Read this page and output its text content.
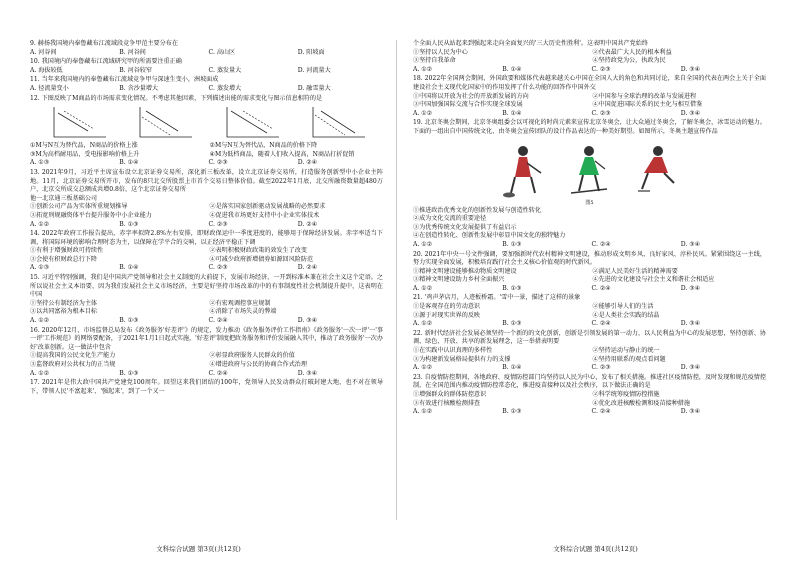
9. 赫扬我国境内奉鲁藏布江流域段竞争甲范主要分布在
A. 河谷间	B. 河谷间	C. 高山区	D. 阳坡面
10. 我国境内的奉鲁藏布江流域研究甲的所需要注重正确
A. 海拔较低	B. 河谷较窄	C. 蒸发量大	D. 河流量大
11. 当年来我国境内的奉鲁藏布江流域竞争甲与深速生变小，洲坡面成
A. 径流量变小	B. 含沙量增大	C. 蒸发增大	D. 融雪量大
12. 下图反映了M商品的市场需求变化情况。不考虑其他因素，下列描述出能的需求变化与图示信息相符的是
①M与N互为替代品，N商品的价格上涨	②M与N互为替代品，N商品的价格下降
③M为高档耐用品，受电报影响价格上升	④M为低档商品，随着人们收入提高，N商品打折促销
A. ①③	B. ①④	C. ②③	D. ②④
13. 2021年9月，习近平主席宣布设立北京证券交易所，深化新三板改革，设立北京证券交易所，打造服务创新型中小企业主阵地。11月，北京证券交易所开市，发布的8只北交所股票上市首个交易日整体价值。截至2022年1月底，北交所融资数量超480万户，北京交所成交总额成共增0.8倍，这个北京证券交易所
他一北京通三板基础公司
①创新公司产品为实体所重规划推导	②是落实国家创新驱动发展战略的必然要求
③拓宽刑规融资体平台提升服务中小企业能力	④促进我市场更好支持中小企业实体技术
A. ①②	B. ①③	C. ②③	D. ②④
14. 2022年政府工作报告提出，赤字率拟降2.8%左右安排，即财政保运中一季度进度的，能够用于保障经济发展。赤字率适当下调，将国际环境的影响合理时态为主，以保障在学平合的交响，以正经济平稳正下调
①有利于增强财政可持续性	②表明积极财政政策的效发生了改变
③会使有积财政总行下降	④可减少政府新增债券如源回风险防范
A. ①③	B. ①④	C. ②③	D. ②④
15. 习近平特别强调，我们是中国共产党领导和社会主义制度的大前提下，发展市场经济，一开到标准本兼在社会主义这个定语。之所以说社会主义本语要，因为我们发展社会主义市场经济，主要是好坚持市场改革的中的有事制度性社会机制提升提中，这表明在中国
①坚持公有制经济为主体	②有宏观调控事应规制
③以共同富裕为根本目标	④消除了市场失灵的弊端
A. ①②	B. ①③	C. ②④	D. ③④
16. 2020年12月，市场监督总局发布《政务服务'好差评'》的规定，发力推动《政务服务评价工作指南》《政务服务'一次一评'一'事一评'工作规范》的网络要配备，于2021年1月1日起式实施，'好差评'制度把政务服务和评价发展融入其中，推动了政务服务'一次办好'改革创新。这一做法中包含
①提高我国的公民文化生产能力	②彰显政府服务人民群众的价值
③监督政府对公共权力的正当规	④增进政府与公民的协商合作式治理
A. ①②	B. ①③	C. ②④	D. ③④
17. 2021年是伟大政中国共产党建党100周年。回望这来我们团结的100年，党领导人民发动群众打破封建大地，也不对在领导下，带领人民'不富起来'、'强起来'，到了一个又一
文科综合试题 第3页(共12页)
个全面人民从站起来到强起来走向全面复兴的'三大历史性胜利'。这表明中国共产党始终
①坚持以人民为中心	②代表最广大人民的根本利益
③坚持自我革命	④坚持政党为公，执政为民
A. ①②	B. ①④	C. ②③	D. ③④
18. 2022年全国两会期间，外国政要和媒体代表越来越关心中国在全国人大的角色和共同讨论，来自全国的代表在两会上关于全面建设社会主义现代化国家中的作用发挥了什么功能的回答作中国外交
①中国将以开放为社会的开放新发展的方向	②中国参与全球治理的改革与发展进程
③中国加强国际交流与合作实现全球发展	④中国促进国际关系的民主化与相互借鉴
A. ①②	B. ①④	C. ②③	D. ③④
19. 北京冬奥会期间，北京冬奥组委会以可视化的时尚元素来宣传北京冬奥会，让大众通过冬奥会，了解冬奥会，冰雪运动的魅力。下面的一组出自中国传统文化、由冬奥会宣传团队的设计作品表达的一种美好期望。如图所示，冬奥主题宣传作品
图5
①推进政治优秀文化的创新性发展与创造性转化
②成为文化交流的重要途径
③为优秀传统文化发展提供了有益启示
④在创造性转化、创新性发展中彰显中国文化的独特魅力
A. ①②	B. ①③	C. ②④	D. ③④
20. 2021年中央一号文件强调，要加强新时代农村精神文明建设，推动形成文明乡风、良好家风、淳朴民风。紧紧围绕这一主线，努力实现全面发展，积极培育践行社会主义核心价值观的时代新风。
①精神文明建设能够推动物质文明建设	②满足人民美好生活的精神需要
③精神文明建设助力乡村全面振兴	④先进的文化建设与社会主义和谐社会相适应
A. ①②	B. ①③	C. ②④	D. ③④
21. '鸡声茅店月，人迹板桥霜。'雪中一景，描述了这样的景象
①是客观存在的劳动意识	②能够引导人们的生活
③源于对现实世界的反映	④是人类社会实践的结晶
A. ①②	B. ①③	C. ②④	D. ③④
22. 新时代经济社会发展必须坚持一个新的的文化创新，创新是引领发展的第一动力，以人民利益为中心的发展思想，坚持创新、协调、绿色、开放、共享的新发展理念，这一举措表明要
①在实践中认识真理的多样性	②坚持运动与静止的统一
③为构建新发展格局提供有力的支撑	④坚持用联系的观点看问题
A. ①②	B. ①④	C. ②③	D. ③④
23. 自疫情防控期间，各地政府、疫情防控部门均坚持以人民为中心，发布了相关措施。推进社区疫情防控，及时发现和规范疫情控制，在全国范围内推动疫情防控常态化，推进疫苗接种以及社会秩序，以下做法正确的是
①增强群众的群体防控意识	②科学统筹疫情防控措施
③有效进行核酸检测排查	④优化改进核酸检测和疫苗接种措施
A. ①②	B. ①③	C. ②④	D. ③④
文科综合试题 第4页(共12页)
